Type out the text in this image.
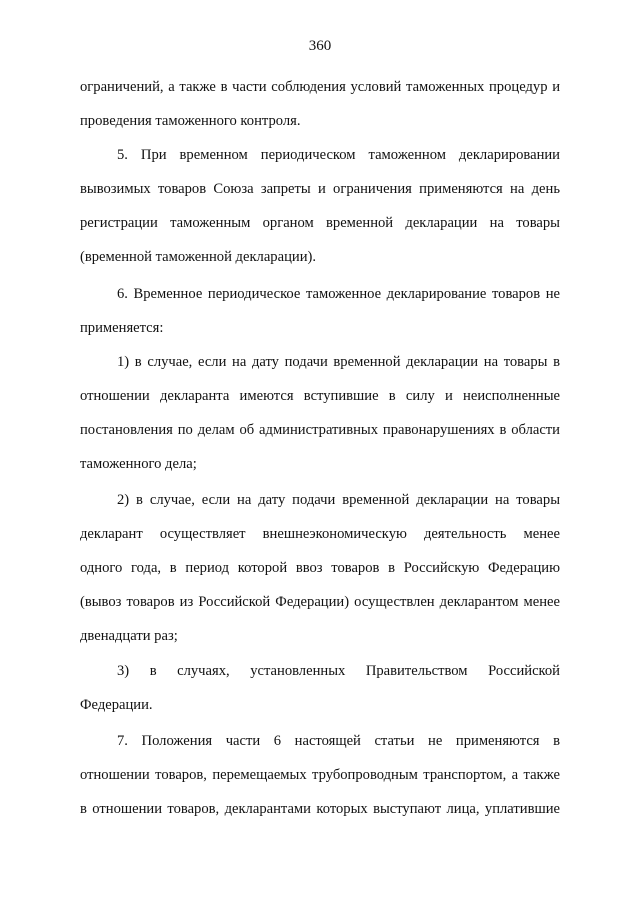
360
ограничений, а также в части соблюдения условий таможенных процедур и
проведения таможенного контроля.
5. При временном периодическом таможенном декларировании
вывозимых товаров Союза запреты и ограничения применяются на день
регистрации таможенным органом временной декларации на товары
(временной таможенной декларации).
6. Временное периодическое таможенное декларирование товаров не
применяется:
1) в случае, если на дату подачи временной декларации на товары в
отношении декларанта имеются вступившие в силу и неисполненные
постановления по делам об административных правонарушениях в области
таможенного дела;
2) в случае, если на дату подачи временной декларации на товары
декларант осуществляет внешнеэкономическую деятельность менее
одного года, в период которой ввоз товаров в Российскую Федерацию
(вывоз товаров из Российской Федерации) осуществлен декларантом менее
двенадцати раз;
3) в случаях, установленных Правительством Российской
Федерации.
7. Положения части 6 настоящей статьи не применяются в
отношении товаров, перемещаемых трубопроводным транспортом, а также
в отношении товаров, декларантами которых выступают лица, уплатившие
